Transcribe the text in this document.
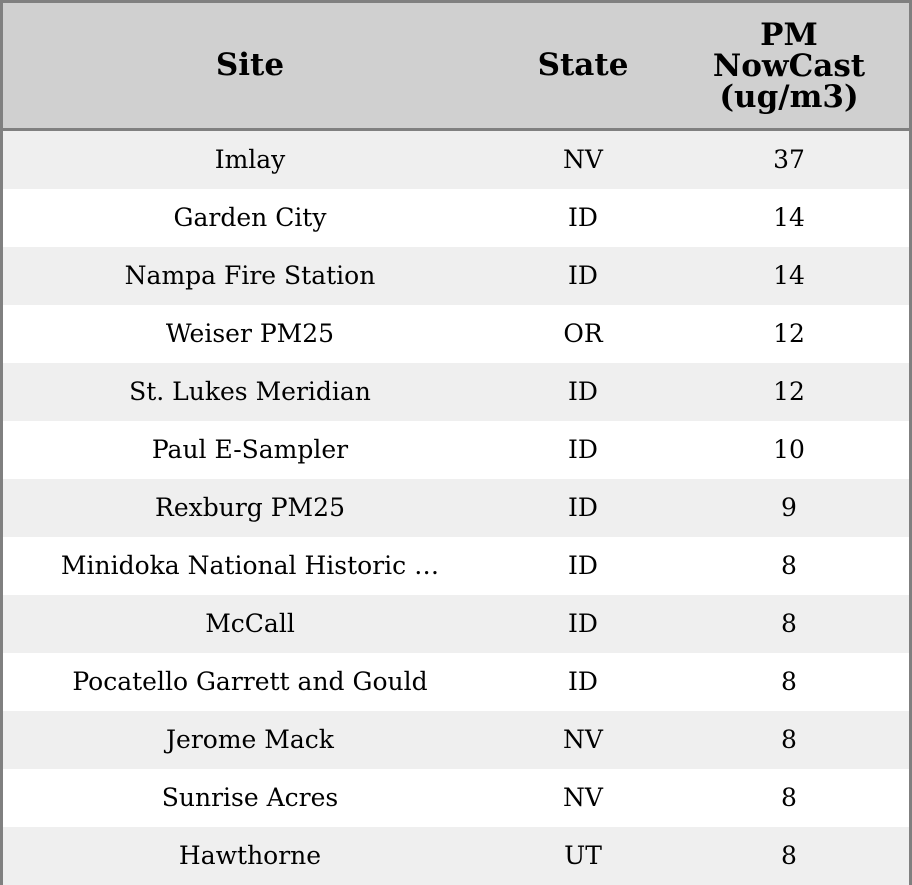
Site	State	PM
NowCast
(ug/m3)
Imlay	NV	37
Garden City	ID	14
Nampa Fire Station	ID	14
Weiser PM25	OR	12
St. Lukes Meridian	ID	12
Paul E-Sampler	ID	10
Rexburg PM25	ID	9
Minidoka National Historic …	ID	8
McCall	ID	8
Pocatello Garrett and Gould	ID	8
Jerome Mack	NV	8
Sunrise Acres	NV	8
Hawthorne	UT	8
